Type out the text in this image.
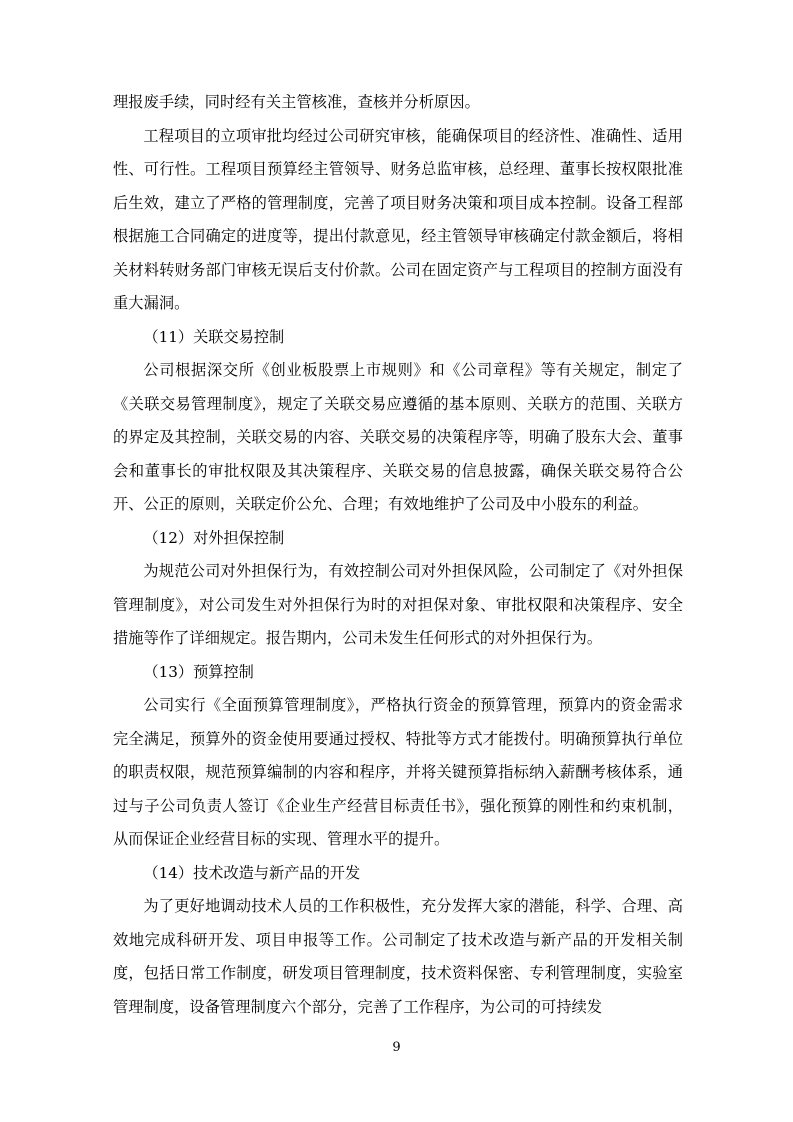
理报废手续，同时经有关主管核准，查核并分析原因。

工程项目的立项审批均经过公司研究审核，能确保项目的经济性、准确性、适用性、可行性。工程项目预算经主管领导、财务总监审核，总经理、董事长按权限批准后生效，建立了严格的管理制度，完善了项目财务决策和项目成本控制。设备工程部根据施工合同确定的进度等，提出付款意见，经主管领导审核确定付款金额后，将相关材料转财务部门审核无误后支付价款。公司在固定资产与工程项目的控制方面没有重大漏洞。

（11）关联交易控制

公司根据深交所《创业板股票上市规则》和《公司章程》等有关规定，制定了《关联交易管理制度》，规定了关联交易应遵循的基本原则、关联方的范围、关联方的界定及其控制，关联交易的内容、关联交易的决策程序等，明确了股东大会、董事会和董事长的审批权限及其决策程序、关联交易的信息披露，确保关联交易符合公开、公正的原则，关联定价公允、合理；有效地维护了公司及中小股东的利益。

（12）对外担保控制

为规范公司对外担保行为，有效控制公司对外担保风险，公司制定了《对外担保管理制度》，对公司发生对外担保行为时的对担保对象、审批权限和决策程序、安全措施等作了详细规定。报告期内，公司未发生任何形式的对外担保行为。

（13）预算控制

公司实行《全面预算管理制度》，严格执行资金的预算管理，预算内的资金需求完全满足，预算外的资金使用要通过授权、特批等方式才能拨付。明确预算执行单位的职责权限，规范预算编制的内容和程序，并将关键预算指标纳入薪酬考核体系，通过与子公司负责人签订《企业生产经营目标责任书》，强化预算的刚性和约束机制，从而保证企业经营目标的实现、管理水平的提升。

（14）技术改造与新产品的开发

为了更好地调动技术人员的工作积极性，充分发挥大家的潜能，科学、合理、高效地完成科研开发、项目申报等工作。公司制定了技术改造与新产品的开发相关制度，包括日常工作制度，研发项目管理制度，技术资料保密、专利管理制度，实验室管理制度，设备管理制度六个部分，完善了工作程序，为公司的可持续发

9
